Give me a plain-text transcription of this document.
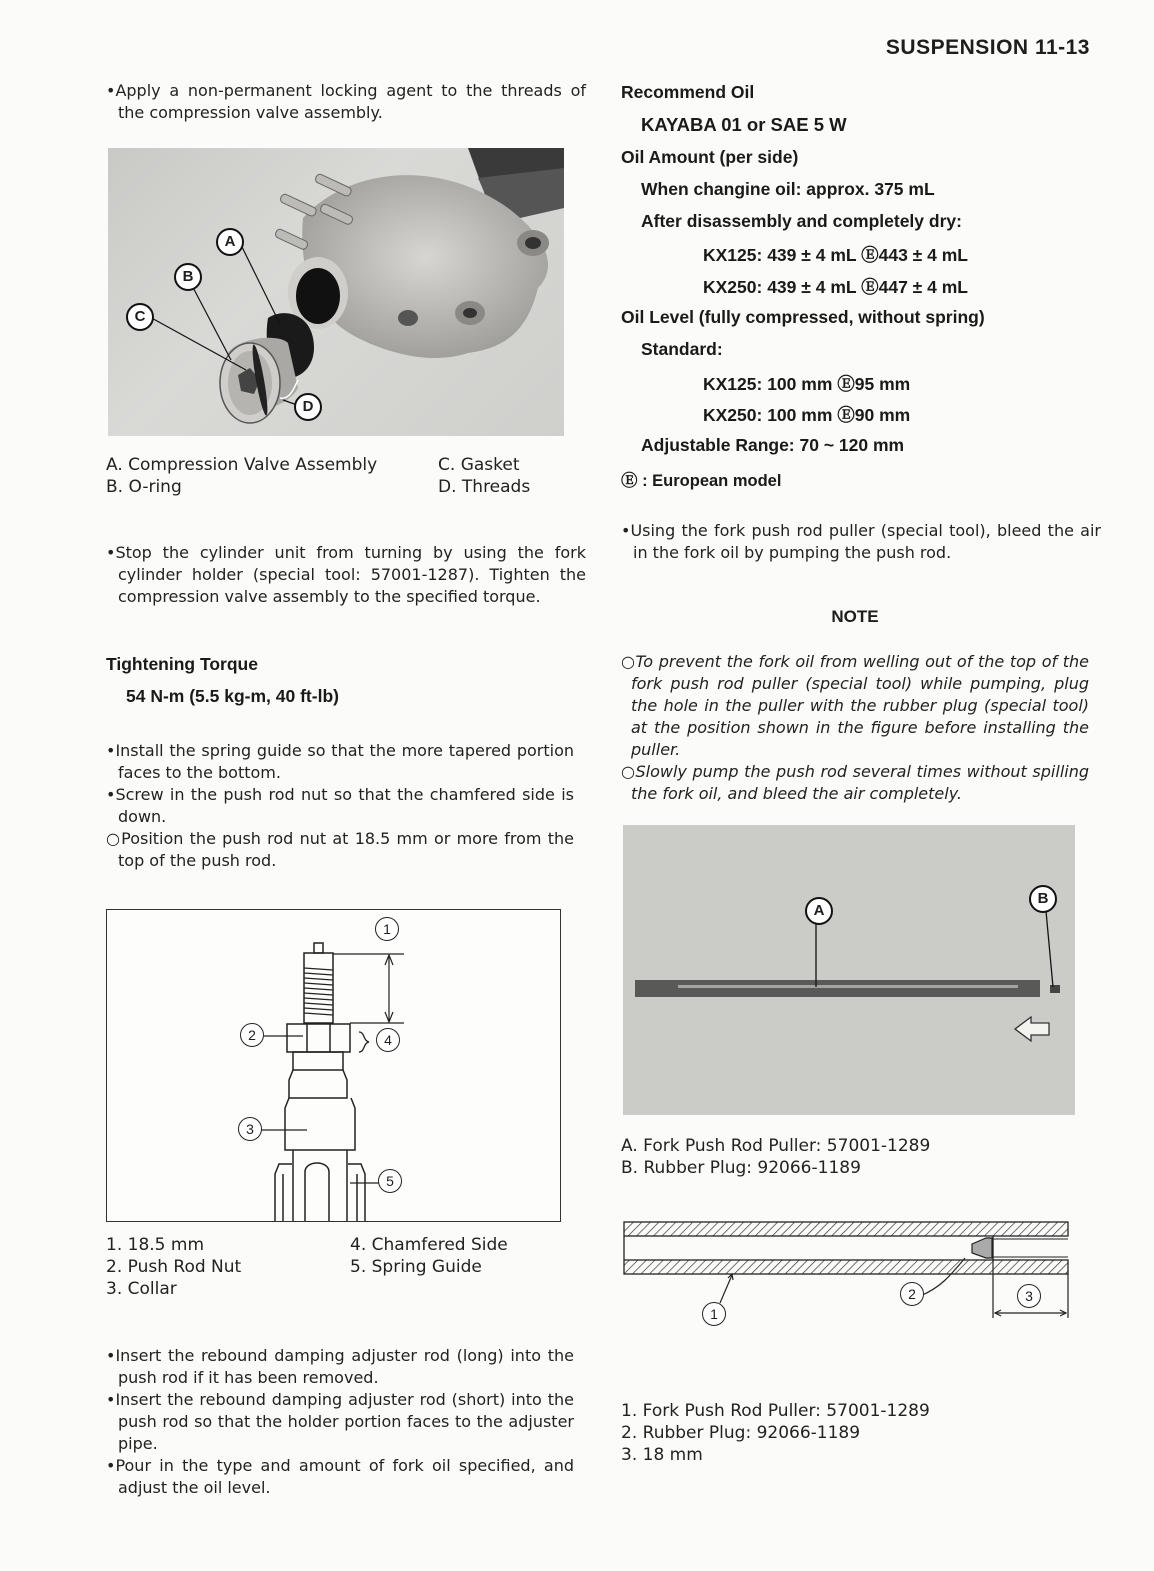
SUSPENSION 11-13

•Apply a non-permanent locking agent to the threads of the compression valve assembly.

A
B
C
D
A. Compression Valve Assembly
B. O-ring
C. Gasket
D. Threads

•Stop the cylinder unit from turning by using the fork cylinder holder (special tool: 57001-1287). Tighten the compression valve assembly to the specified torque.

Tightening Torque
54 N-m (5.5 kg-m, 40 ft-lb)

•Install the spring guide so that the more tapered portion faces to the bottom.

•Screw in the push rod nut so that the chamfered side is down.

○Position the push rod nut at 18.5 mm or more from the top of the push rod.

1
2
3
4
5
1. 18.5 mm
2. Push Rod Nut
3. Collar
4. Chamfered Side
5. Spring Guide

•Insert the rebound damping adjuster rod (long) into the push rod if it has been removed.

•Insert the rebound damping adjuster rod (short) into the push rod so that the holder portion faces to the adjuster pipe.

•Pour in the type and amount of fork oil specified, and adjust the oil level.

Recommend Oil
KAYABA 01 or SAE 5 W
Oil Amount (per side)
When changine oil: approx. 375 mL
After disassembly and completely dry:
KX125: 439 ± 4 mL Ⓔ443 ± 4 mL
KX250: 439 ± 4 mL Ⓔ447 ± 4 mL
Oil Level (fully compressed, without spring)
Standard:
KX125: 100 mm Ⓔ95 mm
KX250: 100 mm Ⓔ90 mm
Adjustable Range: 70 ~ 120 mm
Ⓔ : European model

•Using the fork push rod puller (special tool), bleed the air in the fork oil by pumping the push rod.

NOTE

○To prevent the fork oil from welling out of the top of the fork push rod puller (special tool) while pumping, plug the hole in the puller with the rubber plug (special tool) at the position shown in the figure before installing the puller.

○Slowly pump the push rod several times without spilling the fork oil, and bleed the air completely.

A
B
A. Fork Push Rod Puller: 57001-1289
B. Rubber Plug: 92066-1189
1
2	3
1. Fork Push Rod Puller: 57001-1289
2. Rubber Plug: 92066-1189
3. 18 mm
